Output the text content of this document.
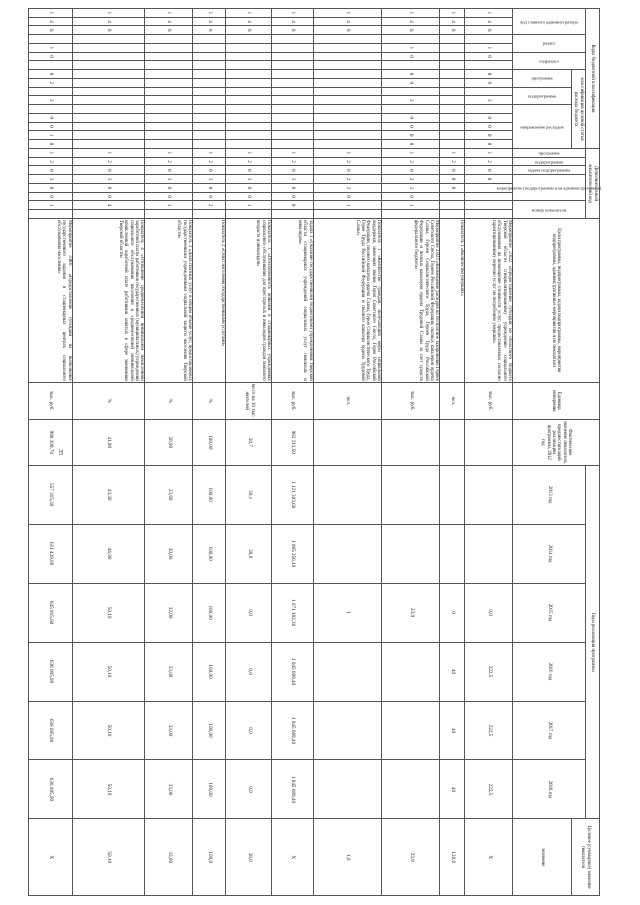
35
Коды бюджетной классификации																Дополнительный аналитический код								Цели программы, подпрограммы, задачи подпрограммы, мероприятия подпрограммы, административные мероприятия и их показатели	Единица измерения	Фактическое значение показателя, предшествующий реализации программы, 2012 год	Годы реализации программы						Целевое (суммарное) значение показателя

код главного администратора			раздел		подраздел		классификация целевой статьи расхода бюджета									программа	подпрограмма	задача подпрограммы	мероприятие (подпрограммы или административное)			номер показателя					2013 год	2014 год	2015 год	2016 год	2017 год	2018 год	

							программа		подпрограмма		направление расходов																						значение
1	4	8		1	0		0	9		3		0	0	0	0	1	2	0	0					Мероприятие 2.022 «Предоставление субсидий из областного бюджета Тверской области специализированному учреждению социального обслуживания на возмещение стоимости услуг, предоставляемых согласно гарантированному перечню услуг по погребению умерших»	тыс. руб.				0,0	222,5	222,5	222,5	X
1	4	8														1	2	0	0	0				Показатель 1 «Количество умерших»	чел.				0	40	40	40	120,0
1	4	8		1	0		0	9		3		0	0	0	0	1	2	0	2	3	0	1		Мероприятие 2.023 «Возмещение расходов на бесплатное захоронение Героев Советского Союза, Героев Российской Федерации, полных кавалеров ордена Славы, Героев Социалистического Труда, Героев Труда Российской Федерации и полных кавалеров ордена Трудовой Славы за счет средств федерального бюджета»	тыс. руб.				23,9				23,9
1	4	8														1	2	0	2	3	0	1		Показатель 1 «Количество граждан, получающих меры социальной поддержки, имеющих звание Героя Советского Союза, Героя Российской Федерации, полного кавалера ордена Славы, Героя Социалистического Труда, Героя Труда Российской Федерации и полного кавалера ордена Трудовой Славы»	чел.				1				1,0
1	4	8														1	2	0	3	0	0	0		Задача 3 «Оказание государственными бюджетными учреждениями Тверской области стационарных учреждений социальных услуг пожилым и инвалидам»	тыс. руб.	982 311,50	1 121 303,60	1 065 256,10	1 071 182,30	1 045 689,40	1 045 689,40	1 045 689,40	X
1	4	8														1	2	0	3	0	0	1		Показатель 1 «Обеспеченность койками в стационарных учреждениях социального обслуживания для престарелых и инвалидов граждан пожилого возраста и инвалидов»	мест на 10 тыс. жителей	30,7	30,1	38,0	0,0	0,0	0,0	0,0	38,0
1	4	8														1	2	0	3	0	0	2		Показатель 2 «Охват населения государственными услугами»	%	100,00	100,00	100,00	100,00	100,00	100,00	100,00	100,0
1	4	8														1	2	0	3	0	0	3		Показатель 3 «Доля платных услуг в общем объеме услуг, предоставляемых государственными учреждениями социальной защиты населения Тверской области»	%	20,90	23,60	30,00	32,00	33,00	33,00	33,00	33,00
1	4	8														1	2	0	3	0	0	4		Показатель 4 «Отношение среднемесячной номинальной начисленной заработной платы работников государственных (муниципальных) учреждений социального обслуживания населения к среднемесячной номинальной начисленной заработной плате работников занятых в сфере экономики Тверской области»	%	41,90	43,30	46,90	50,10	50,10	50,10	50,10	50,10
1	4	8		1	0		0	2		3		0	0	1	0	1	2	0	3	0	0	1		Мероприятие 3.001 «Предоставление субсидий на выполнение государственного задания в стационарных центрах социального обслуживания населения»	тыс. руб.	990 309,70	557 315,30	611 439,00	645 915,80	638 005,90	638 005,90	638 005,90	X
